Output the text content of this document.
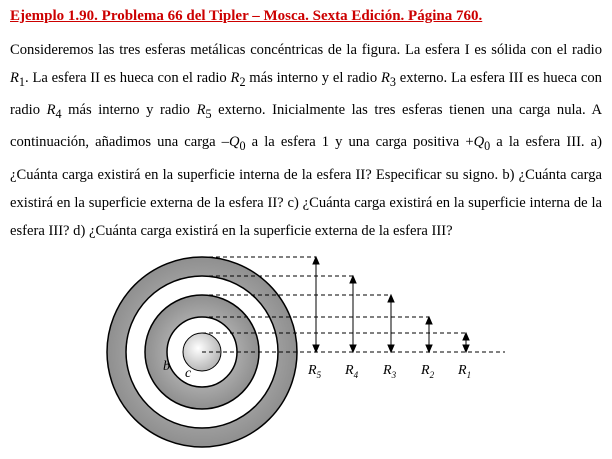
Ejemplo 1.90. Problema 66 del Tipler – Mosca. Sexta Edición. Página 760.

Consideremos las tres esferas metálicas concéntricas de la figura. La esfera I es sólida con el radio $R_1$. La esfera II es hueca con el radio $R_2$ más interno y el radio $R_3$ externo. La esfera III es hueca con radio $R_4$ más interno y radio $R_5$ externo. Inicialmente las tres esferas tienen una carga nula. A continuación, añadimos una carga $-Q_0$ a la esfera 1 y una carga positiva $+Q_0$ a la esfera III. a) ¿Cuánta carga existirá en la superficie interna de la esfera II? Especificar su signo. b) ¿Cuánta carga existirá en la superficie externa de la esfera II? c) ¿Cuánta carga existirá en la superficie interna de la esfera III? d) ¿Cuánta carga existirá en la superficie externa de la esfera III?

b c	$R_5$ $R_4$ $R_3$ $R_2$ $R_1$
